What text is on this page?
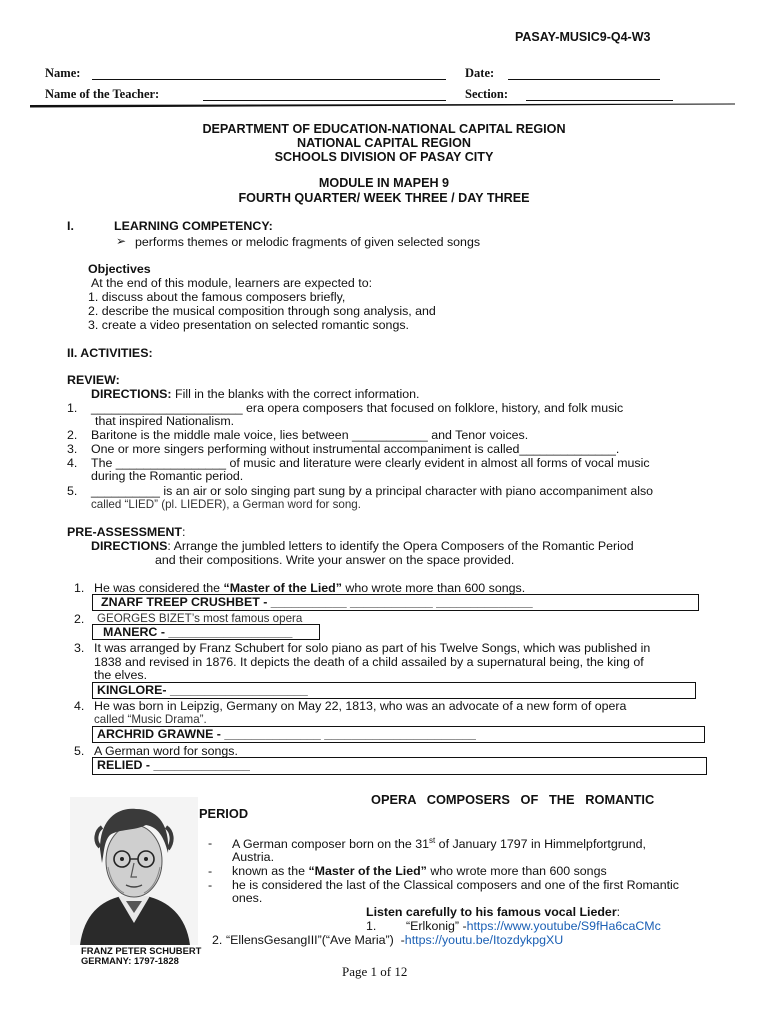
PASAY-MUSIC9-Q4-W3
Name:	Date:
Name of the Teacher:	Section:
DEPARTMENT OF EDUCATION-NATIONAL CAPITAL REGION
NATIONAL CAPITAL REGION
SCHOOLS DIVISION OF PASAY CITY
MODULE IN MAPEH 9
FOURTH QUARTER/ WEEK THREE / DAY THREE
I.	LEARNING COMPETENCY:
➢ performs themes or melodic fragments of given selected songs
Objectives
At the end of this module, learners are expected to:
1. discuss about the famous composers briefly,
2. describe the musical composition through song analysis, and
3. create a video presentation on selected romantic songs.
II. ACTIVITIES:
REVIEW:
DIRECTIONS: Fill in the blanks with the correct information.
1. ______________________ era opera composers that focused on folklore, history, and folk music
that inspired Nationalism.
2. Baritone is the middle male voice, lies between ___________ and Tenor voices.
3. One or more singers performing without instrumental accompaniment is called______________.
4. The ________________ of music and literature were clearly evident in almost all forms of vocal music
during the Romantic period.
5. __________ is an air or solo singing part sung by a principal character with piano accompaniment also
called “LIED” (pl. LIEDER), a German word for song.
PRE-ASSESSMENT:
DIRECTIONS: Arrange the jumbled letters to identify the Opera Composers of the Romantic Period
and their compositions. Write your answer on the space provided.
1. He was considered the “Master of the Lied” who wrote more than 600 songs.
ZNARF TREEP CRUSHBET - ___________ ____________ ______________
2. GEORGES BIZET’s most famous opera
MANERC - __________________
3. It was arranged by Franz Schubert for solo piano as part of his Twelve Songs, which was published in
1838 and revised in 1876. It depicts the death of a child assailed by a supernatural being, the king of
the elves.
KINGLORE- ____________________
4. He was born in Leipzig, Germany on May 22, 1813, who was an advocate of a new form of opera
called “Music Drama”.
ARCHRID GRAWNE - ______________ ______________________
5. A German word for songs.
RELIED - ______________
OPERA   COMPOSERS   OF   THE   ROMANTIC
PERIOD
FRANZ PETER SCHUBERT
GERMANY: 1797-1828
- A German composer born on the 31st of January 1797 in Himmelpfortgrund,
Austria.
- known as the “Master of the Lied” who wrote more than 600 songs
- he is considered the last of the Classical composers and one of the first Romantic
ones.
Listen carefully to his famous vocal Lieder:
1. “Erlkonig” -https://www.youtube/S9fHa6caCMc
2. “EllensGesangIII”(“Ave Maria”)  -https://youtu.be/ItozdykpgXU
Page 1 of 12
